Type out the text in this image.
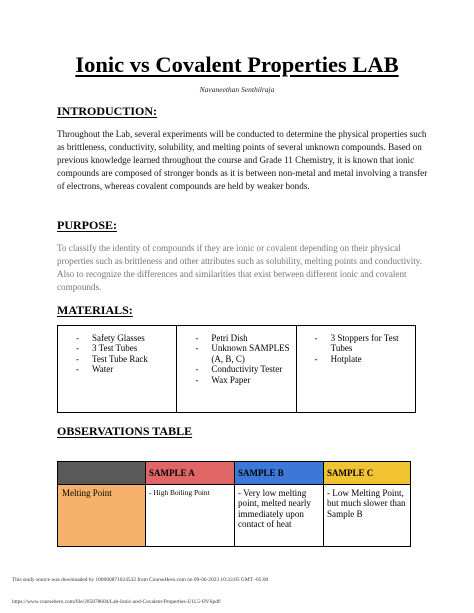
Ionic vs Covalent Properties LAB
Navaneethan Senthilraja
INTRODUCTION:

Throughout the Lab, several experiments will be conducted to determine the physical properties such as brittleness, conductivity, solubility, and melting points of several unknown compounds. Based on previous knowledge learned throughout the course and Grade 11 Chemistry, it is known that ionic compounds are composed of stronger bonds as it is between non-metal and metal involving a transfer of electrons, whereas covalent compounds are held by weaker bonds.

PURPOSE:

To classify the identity of compounds if they are ionic or covalent depending on their physical properties such as brittleness and other attributes such as solubility, melting points and conductivity. Also to recognize the differences and similarities that exist between different ionic and covalent compounds.

MATERIALS:
- Safety Glasses
- 3 Test Tubes
- Test Tube Rack
- Water

- Petri Dish
- Unknown SAMPLES (A, B, C)
- Conductivity Tester
- Wax Paper

- 3 Stoppers for Test Tubes
- Hotplate
OBSERVATIONS TABLE
	SAMPLE A	SAMPLE B	SAMPLE C
Melting Point	- High Boiling Point	- Very low melting point, melted nearly immediately upon contact of heat	- Low Melting Point, but much slower than Sample B

This study source was downloaded by 100000871024532 from CourseHero.com on 09-06-2023 10:33:05 GMT -05:00

https://www.coursehero.com/file/205878604/Lab-Ionic-and-Covalent-Properties-U1L5-OVSpdf/
